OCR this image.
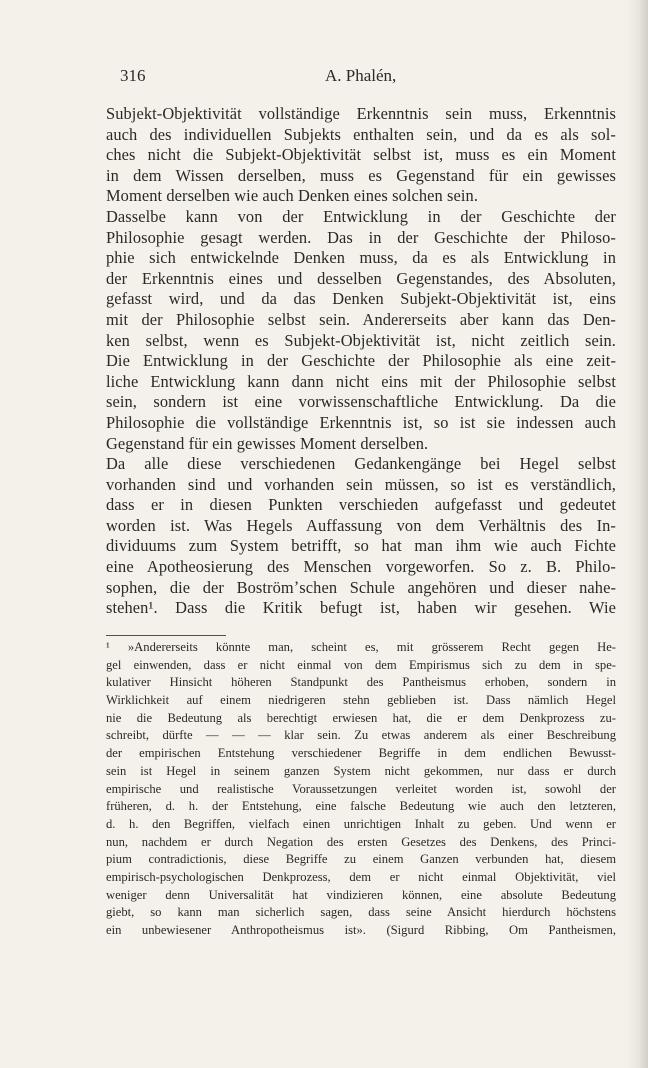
316	A. Phalén,
Subjekt-Objektivität vollständige Erkenntnis sein muss, Erkenntnis
auch des individuellen Subjekts enthalten sein, und da es als sol-
ches nicht die Subjekt-Objektivität selbst ist, muss es ein Moment
in dem Wissen derselben, muss es Gegenstand für ein gewisses
Moment derselben wie auch Denken eines solchen sein.
Dasselbe kann von der Entwicklung in der Geschichte der
Philosophie gesagt werden. Das in der Geschichte der Philoso-
phie sich entwickelnde Denken muss, da es als Entwicklung in
der Erkenntnis eines und desselben Gegenstandes, des Absoluten,
gefasst wird, und da das Denken Subjekt-Objektivität ist, eins
mit der Philosophie selbst sein. Andererseits aber kann das Den-
ken selbst, wenn es Subjekt-Objektivität ist, nicht zeitlich sein.
Die Entwicklung in der Geschichte der Philosophie als eine zeit-
liche Entwicklung kann dann nicht eins mit der Philosophie selbst
sein, sondern ist eine vorwissenschaftliche Entwicklung. Da die
Philosophie die vollständige Erkenntnis ist, so ist sie indessen auch
Gegenstand für ein gewisses Moment derselben.
Da alle diese verschiedenen Gedankengänge bei Hegel selbst
vorhanden sind und vorhanden sein müssen, so ist es verständlich,
dass er in diesen Punkten verschieden aufgefasst und gedeutet
worden ist. Was Hegels Auffassung von dem Verhältnis des In-
dividuums zum System betrifft, so hat man ihm wie auch Fichte
eine Apotheosierung des Menschen vorgeworfen. So z. B. Philo-
sophen, die der Boströmʼschen Schule angehören und dieser nahe-
stehen¹. Dass die Kritik befugt ist, haben wir gesehen. Wie
¹ »Andererseits könnte man, scheint es, mit grösserem Recht gegen He-
gel einwenden, dass er nicht einmal von dem Empirismus sich zu dem in spe-
kulativer Hinsicht höheren Standpunkt des Pantheismus erhoben, sondern in
Wirklichkeit auf einem niedrigeren stehn geblieben ist. Dass nämlich Hegel
nie die Bedeutung als berechtigt erwiesen hat, die er dem Denkprozess zu-
schreibt, dürfte — — — klar sein. Zu etwas anderem als einer Beschreibung
der empirischen Entstehung verschiedener Begriffe in dem endlichen Bewusst-
sein ist Hegel in seinem ganzen System nicht gekommen, nur dass er durch
empirische und realistische Voraussetzungen verleitet worden ist, sowohl der
früheren, d. h. der Entstehung, eine falsche Bedeutung wie auch den letzteren,
d. h. den Begriffen, vielfach einen unrichtigen Inhalt zu geben. Und wenn er
nun, nachdem er durch Negation des ersten Gesetzes des Denkens, des Princi-
pium contradictionis, diese Begriffe zu einem Ganzen verbunden hat, diesem
empirisch-psychologischen Denkprozess, dem er nicht einmal Objektivität, viel
weniger denn Universalität hat vindizieren können, eine absolute Bedeutung
giebt, so kann man sicherlich sagen, dass seine Ansicht hierdurch höchstens
ein unbewiesener Anthropotheismus ist». (Sigurd Ribbing, Om Pantheismen,
